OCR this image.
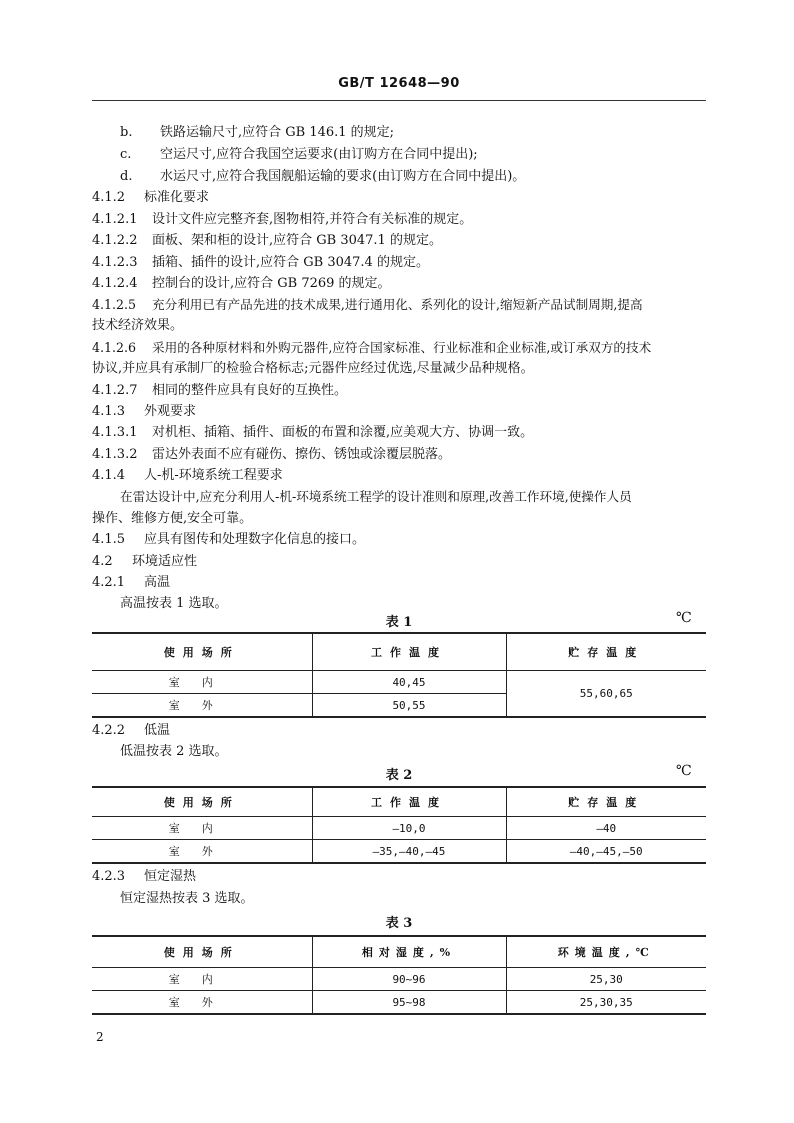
GB/T 12648—90
b. 铁路运输尺寸,应符合 GB 146.1 的规定;
c. 空运尺寸,应符合我国空运要求(由订购方在合同中提出);
d. 水运尺寸,应符合我国舰船运输的要求(由订购方在合同中提出)。
4.1.2 标准化要求
4.1.2.1 设计文件应完整齐套,图物相符,并符合有关标准的规定。
4.1.2.2 面板、架和柜的设计,应符合 GB 3047.1 的规定。
4.1.2.3 插箱、插件的设计,应符合 GB 3047.4 的规定。
4.1.2.4 控制台的设计,应符合 GB 7269 的规定。
4.1.2.5 充分利用已有产品先进的技术成果,进行通用化、系列化的设计,缩短新产品试制周期,提高
技术经济效果。
4.1.2.6 采用的各种原材料和外购元器件,应符合国家标准、行业标准和企业标准,或订承双方的技术
协议,并应具有承制厂的检验合格标志;元器件应经过优选,尽量减少品种规格。
4.1.2.7 相同的整件应具有良好的互换性。
4.1.3 外观要求
4.1.3.1 对机柜、插箱、插件、面板的布置和涂覆,应美观大方、协调一致。
4.1.3.2 雷达外表面不应有碰伤、擦伤、锈蚀或涂覆层脱落。
4.1.4 人-机-环境系统工程要求
在雷达设计中,应充分利用人-机-环境系统工程学的设计准则和原理,改善工作环境,使操作人员
操作、维修方便,安全可靠。
4.1.5 应具有图传和处理数字化信息的接口。
4.2 环境适应性
4.2.1 高温
高温按表 1 选取。
表 1	℃
使用场所	工作温度	贮存温度
室内	40,45	55,60,65
室外	50,55	
4.2.2 低温
低温按表 2 选取。
表 2	℃
使用场所	工作温度	贮存温度
室内	—10,0	—40
室外	—35,—40,—45	—40,—45,—50
4.2.3 恒定湿热
恒定湿热按表 3 选取。
表 3
使用场所	相对湿度,%	环境温度,℃
室内	90~96	25,30
室外	95~98	25,30,35
2
